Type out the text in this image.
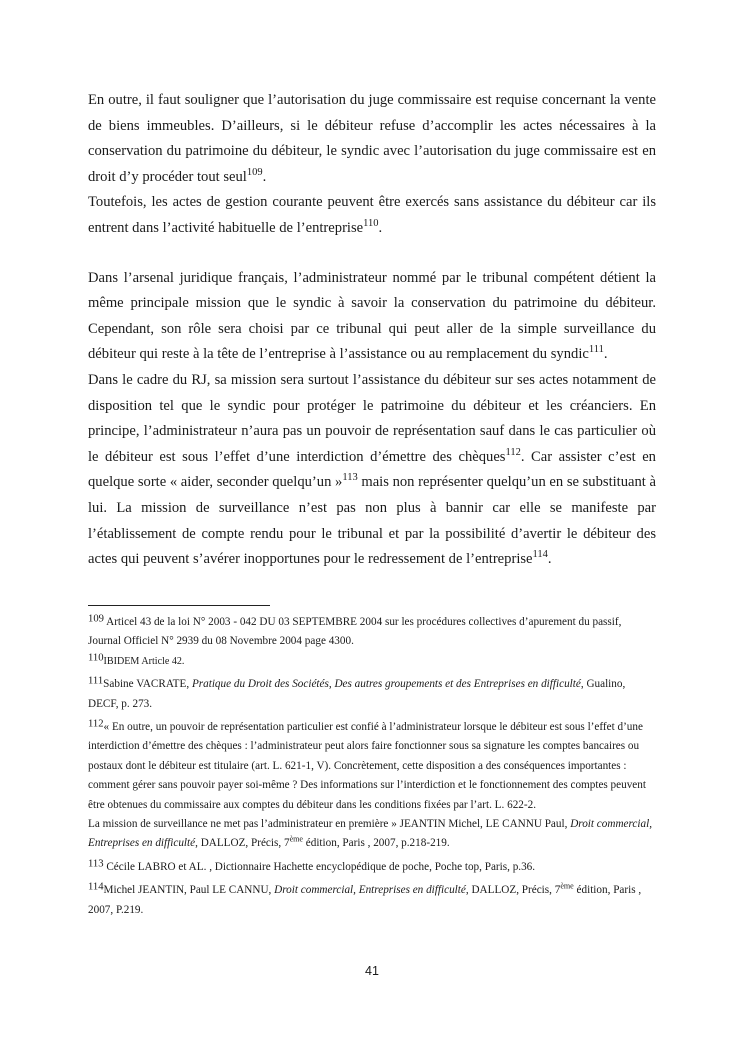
En outre, il faut souligner que l’autorisation du juge commissaire est requise concernant la vente de biens immeubles. D’ailleurs, si le débiteur refuse d’accomplir les actes nécessaires à la conservation du patrimoine du débiteur, le syndic avec l’autorisation du juge commissaire est en droit d’y procéder tout seul$^{109}$.

Toutefois, les actes de gestion courante peuvent être exercés sans assistance du débiteur car ils entrent dans l’activité habituelle de l’entreprise$^{110}$.

Dans l’arsenal juridique français, l’administrateur nommé par le tribunal compétent détient la même principale mission que le syndic à savoir la conservation du patrimoine du débiteur. Cependant, son rôle sera choisi par ce tribunal qui peut aller de la simple surveillance du débiteur qui reste à la tête de l’entreprise à l’assistance ou au remplacement du syndic$^{111}$.

Dans le cadre du RJ, sa mission sera surtout l’assistance du débiteur sur ses actes notamment de disposition tel que le syndic pour protéger le patrimoine du débiteur et les créanciers. En principe, l’administrateur n’aura pas un pouvoir de représentation sauf dans le cas particulier où le débiteur est sous l’effet d’une interdiction d’émettre des chèques$^{112}$. Car assister c’est en quelque sorte « aider, seconder quelqu’un »$^{113}$ mais non représenter quelqu’un en se substituant à lui. La mission de surveillance n’est pas non plus à bannir car elle se manifeste par l’établissement de compte rendu pour le tribunal et par la possibilité d’avertir le débiteur des actes qui peuvent s’avérer inopportunes pour le redressement de l’entreprise$^{114}$.

109 Articel 43 de la loi N° 2003 - 042 DU 03 SEPTEMBRE 2004 sur les procédures collectives d’apurement du passif, Journal Officiel N° 2939 du 08 Novembre 2004 page 4300.

110IBIDEM Article 42.

111Sabine VACRATE, Pratique du Droit des Sociétés, Des autres groupements et des Entreprises en difficulté, Gualino, DECF, p. 273.

112« En outre, un pouvoir de représentation particulier est confié à l’administrateur lorsque le débiteur est sous l’effet d’une interdiction d’émettre des chèques : l’administrateur peut alors faire fonctionner sous sa signature les comptes bancaires ou postaux dont le débiteur est titulaire (art. L. 621-1, V). Concrètement, cette disposition a des conséquences importantes : comment gérer sans pouvoir payer soi-même ? Des informations sur l’interdiction et le fonctionnement des comptes peuvent être obtenues du commissaire aux comptes du débiteur dans les conditions fixées par l’art. L. 622-2.

La mission de surveillance ne met pas l’administrateur en première » JEANTIN Michel, LE CANNU Paul, Droit commercial, Entreprises en difficulté, DALLOZ, Précis, 7ème édition, Paris , 2007, p.218-219.

113 Cécile LABRO et AL. , Dictionnaire Hachette encyclopédique de poche, Poche top, Paris, p.36.

114Michel JEANTIN, Paul LE CANNU, Droit commercial, Entreprises en difficulté, DALLOZ, Précis, 7ème édition, Paris , 2007, P.219.

41
